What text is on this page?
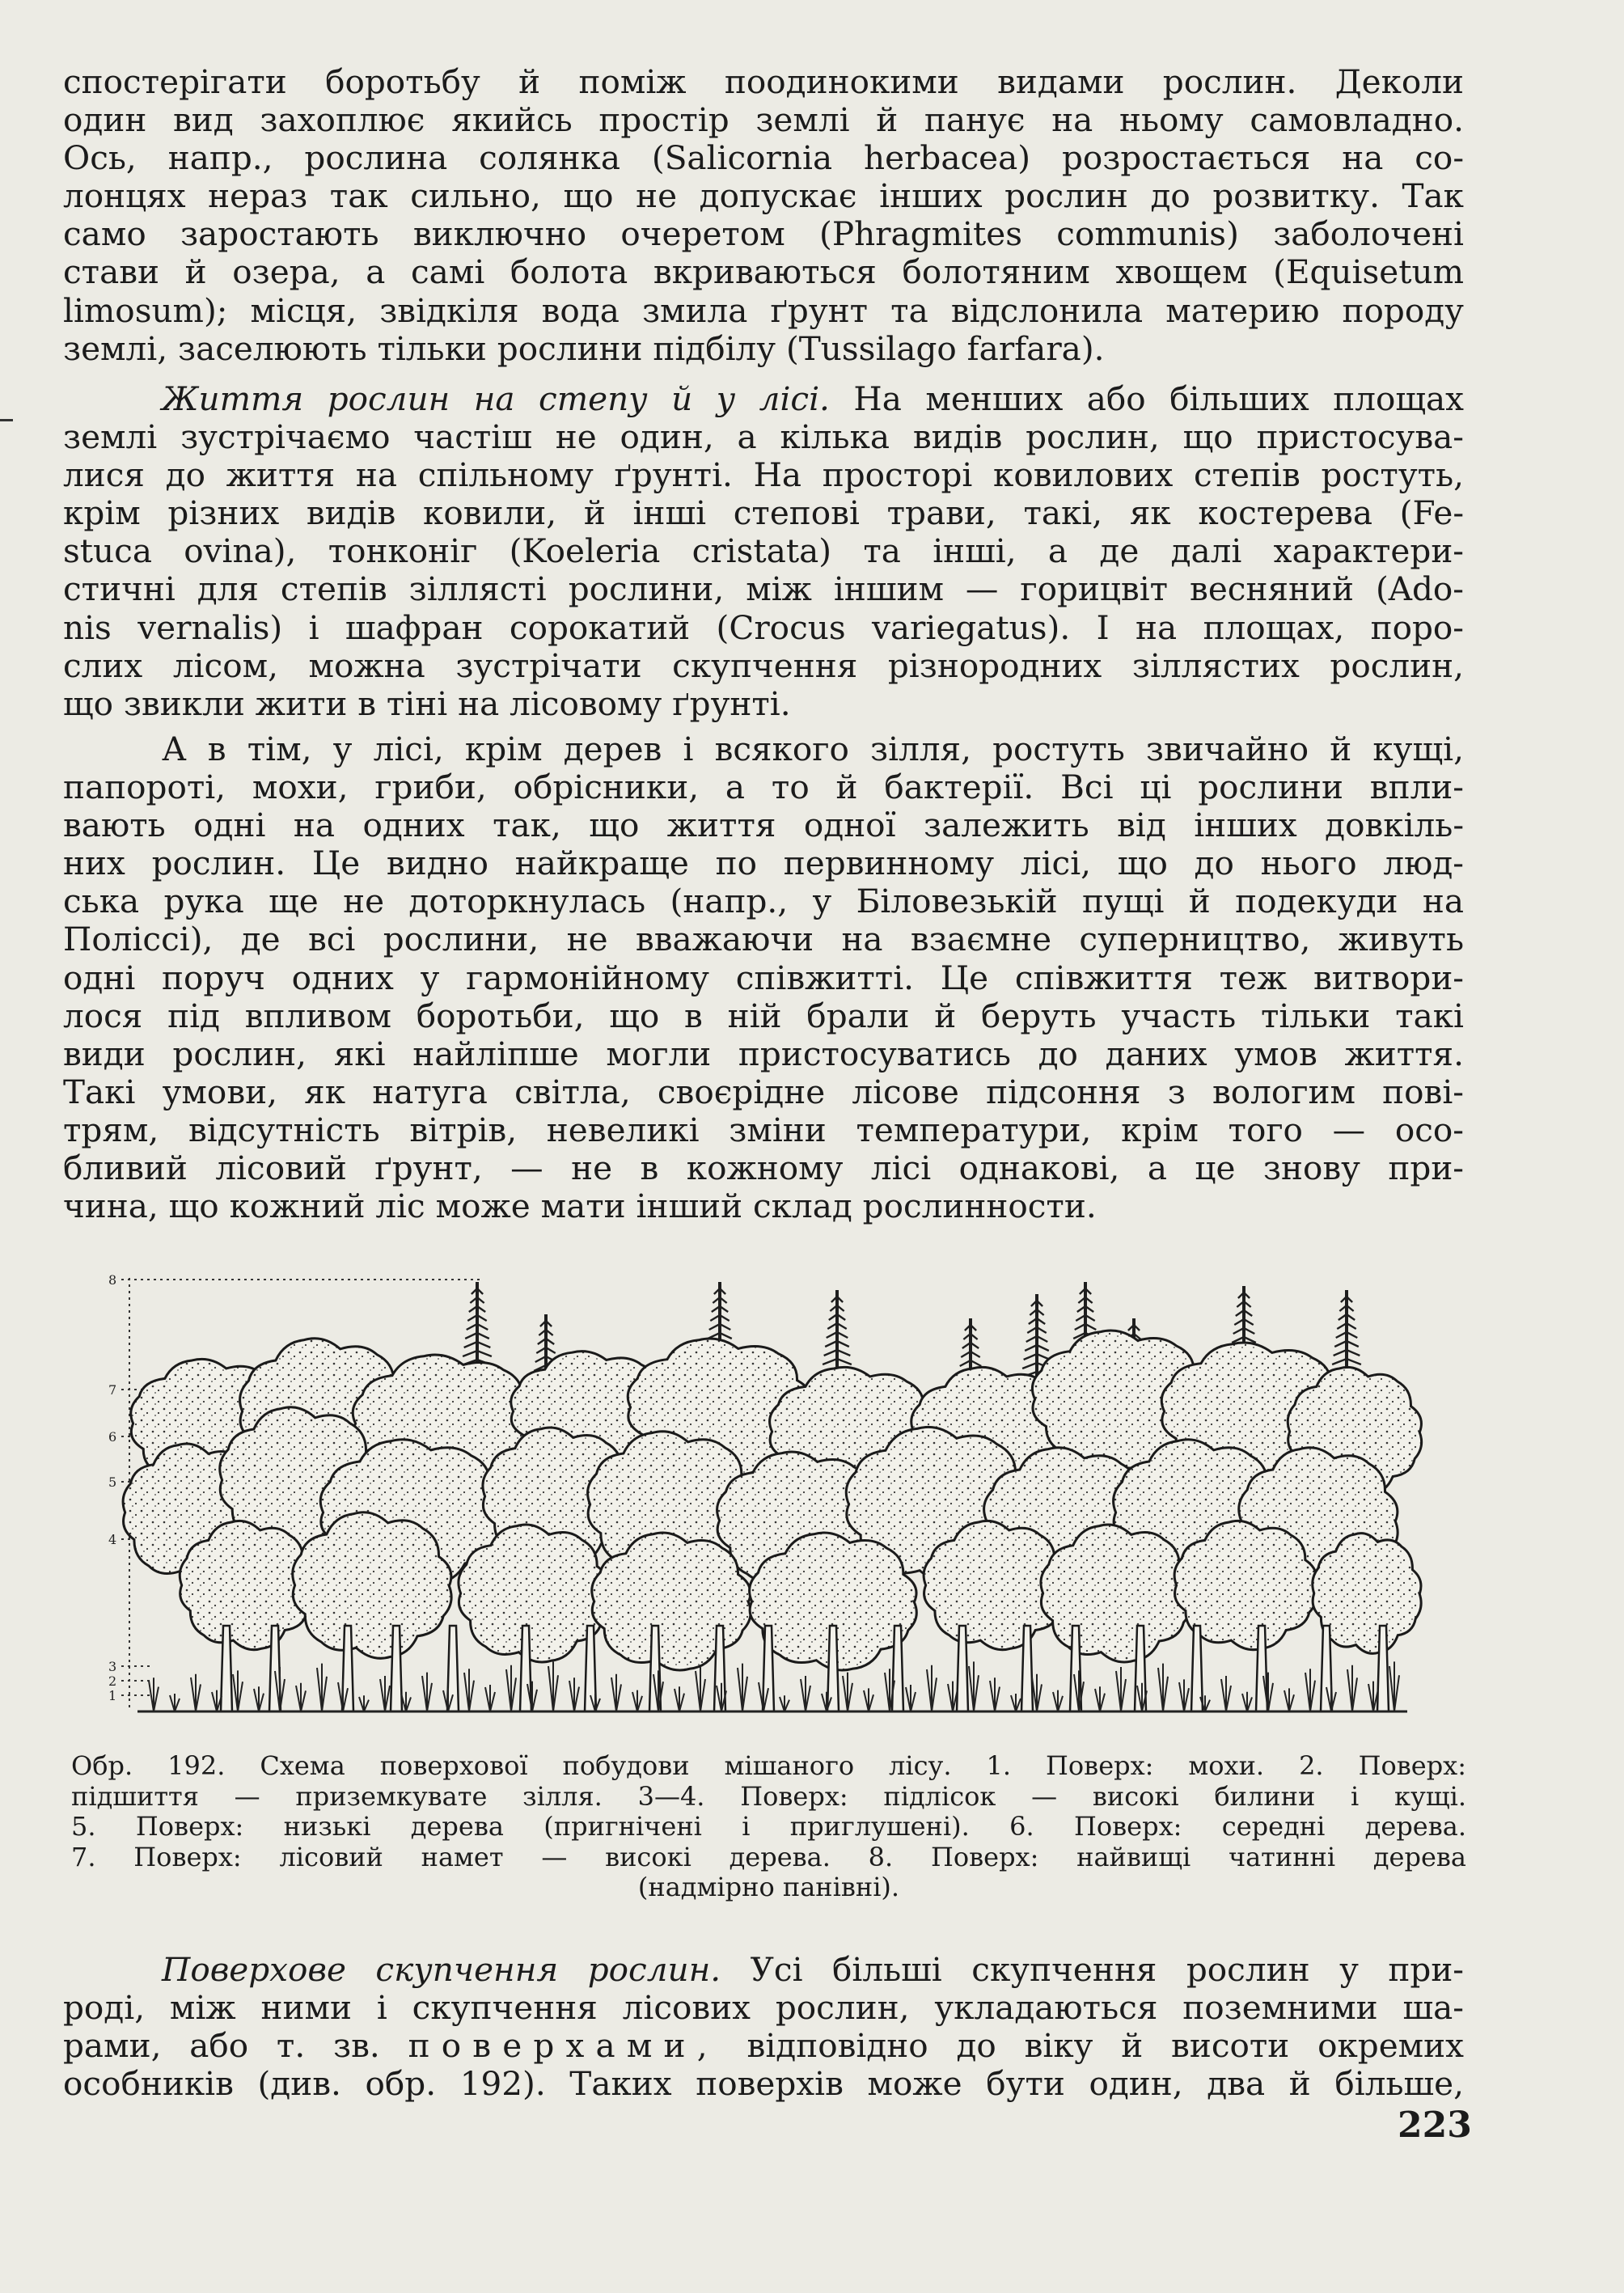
спостерігати боротьбу й поміж поодинокими видами рослин. Деколи
один вид захоплює якийсь простір землі й панує на ньому самовладно.
Ось, напр., рослина солянка (Salicornia herbacea) розростається на со-
лонцях нераз так сильно, що не допускає інших рослин до розвитку. Так
само заростають виключно очеретом (Phragmites communis) заболочені
стави й озера, а самі болота вкриваються болотяним хвощем (Equisetum
limosum); місця, звідкіля вода змила ґрунт та відслонила материю породу
землі, заселюють тільки рослини підбілу (Tussilago farfara).
Життя рослин на степу й у лісі. На менших або більших площах
землі зустрічаємо частіш не один, а кілька видів рослин, що пристосува-
лися до життя на спільному ґрунті. На просторі ковилових степів ростуть,
крім різних видів ковили, й інші степові трави, такі, як костерева (Fe-
stuca ovina), тонконіг (Koeleria cristata) та інші, а де далі характери-
стичні для степів зіллясті рослини, між іншим — горицвіт весняний (Ado-
nis vernalis) і шафран сорокатий (Crocus variegatus). І на площах, поро-
слих лісом, можна зустрічати скупчення різнородних зіллястих рослин,
що звикли жити в тіні на лісовому ґрунті.
А в тім, у лісі, крім дерев і всякого зілля, ростуть звичайно й кущі,
папороті, мохи, гриби, обрісники, а то й бактерії. Всі ці рослини впли-
вають одні на одних так, що життя одної залежить від інших довкіль-
них рослин. Це видно найкраще по первинному лісі, що до нього люд-
ська рука ще не доторкнулась (напр., у Біловезькій пущі й подекуди на
Поліссі), де всі рослини, не вважаючи на взаємне суперництво, живуть
одні поруч одних у гармонійному співжитті. Це співжиття теж витвори-
лося під впливом боротьби, що в ній брали й беруть участь тільки такі
види рослин, які найліпше могли пристосуватись до даних умов життя.
Такі умови, як натуга світла, своєрідне лісове підсоння з вологим пові-
трям, відсутність вітрів, невеликі зміни температури, крім того — осо-
бливий лісовий ґрунт, — не в кожному лісі однакові, а це знову при-
чина, що кожний ліс може мати інший склад рослинности.
8
7
6
5
4
3
2
1
Обр. 192. Схема поверхової побудови мішаного лісу. 1. Поверх: мохи. 2. Поверх:
підшиття — приземкувате зілля. 3—4. Поверх: підлісок — високі билини і кущі.
5. Поверх: низькі дерева (пригнічені і приглушені). 6. Поверх: середні дерева.
7. Поверх: лісовий намет — високі дерева. 8. Поверх: найвищі чатинні дерева
(надмірно панівні).
Поверхове скупчення рослин. Усі більші скупчення рослин у при-
роді, між ними і скупчення лісових рослин, укладаються поземними ша-
рами, або т. зв. поверхами, відповідно до віку й висоти окремих
особників (див. обр. 192). Таких поверхів може бути один, два й більше,
223
